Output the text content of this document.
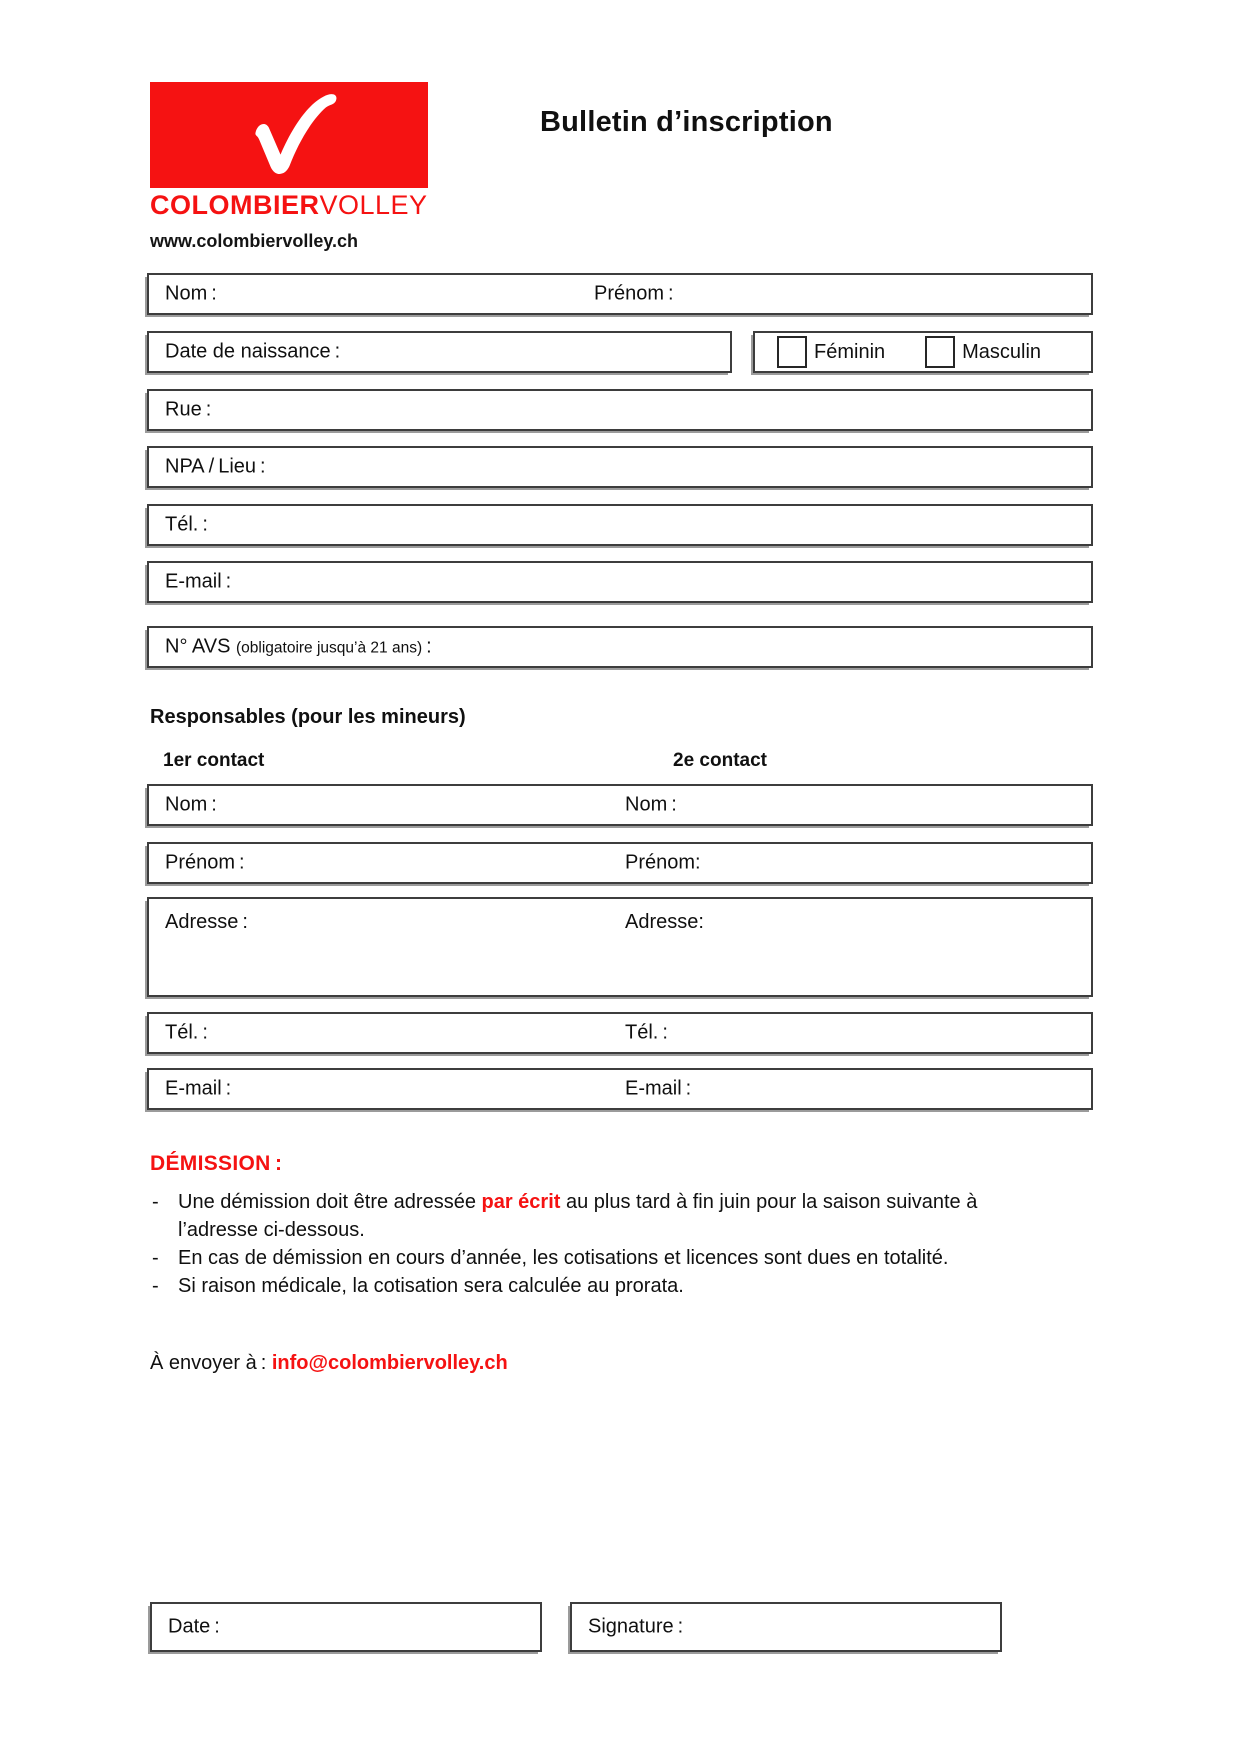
COLOMBIERVOLLEY
www.colombiervolley.ch
Bulletin d’inscription
Nom :	Prénom :
Date de naissance :	Féminin	Masculin
Rue :
NPA / Lieu :
Tél. :
E-mail :
N° AVS (obligatoire jusqu’à 21 ans) :
Responsables (pour les mineurs)
1er contact	2e contact
Nom :	Nom :
Prénom :	Prénom:
Adresse :	Adresse:
Tél. :	Tél. :
E-mail :	E-mail :
DÉMISSION :
- Une démission doit être adressée par écrit au plus tard à fin juin pour la saison suivante à l’adresse ci-dessous.
- En cas de démission en cours d’année, les cotisations et licences sont dues en totalité.
- Si raison médicale, la cotisation sera calculée au prorata.
À envoyer à : info@colombiervolley.ch
Date :	Signature :
